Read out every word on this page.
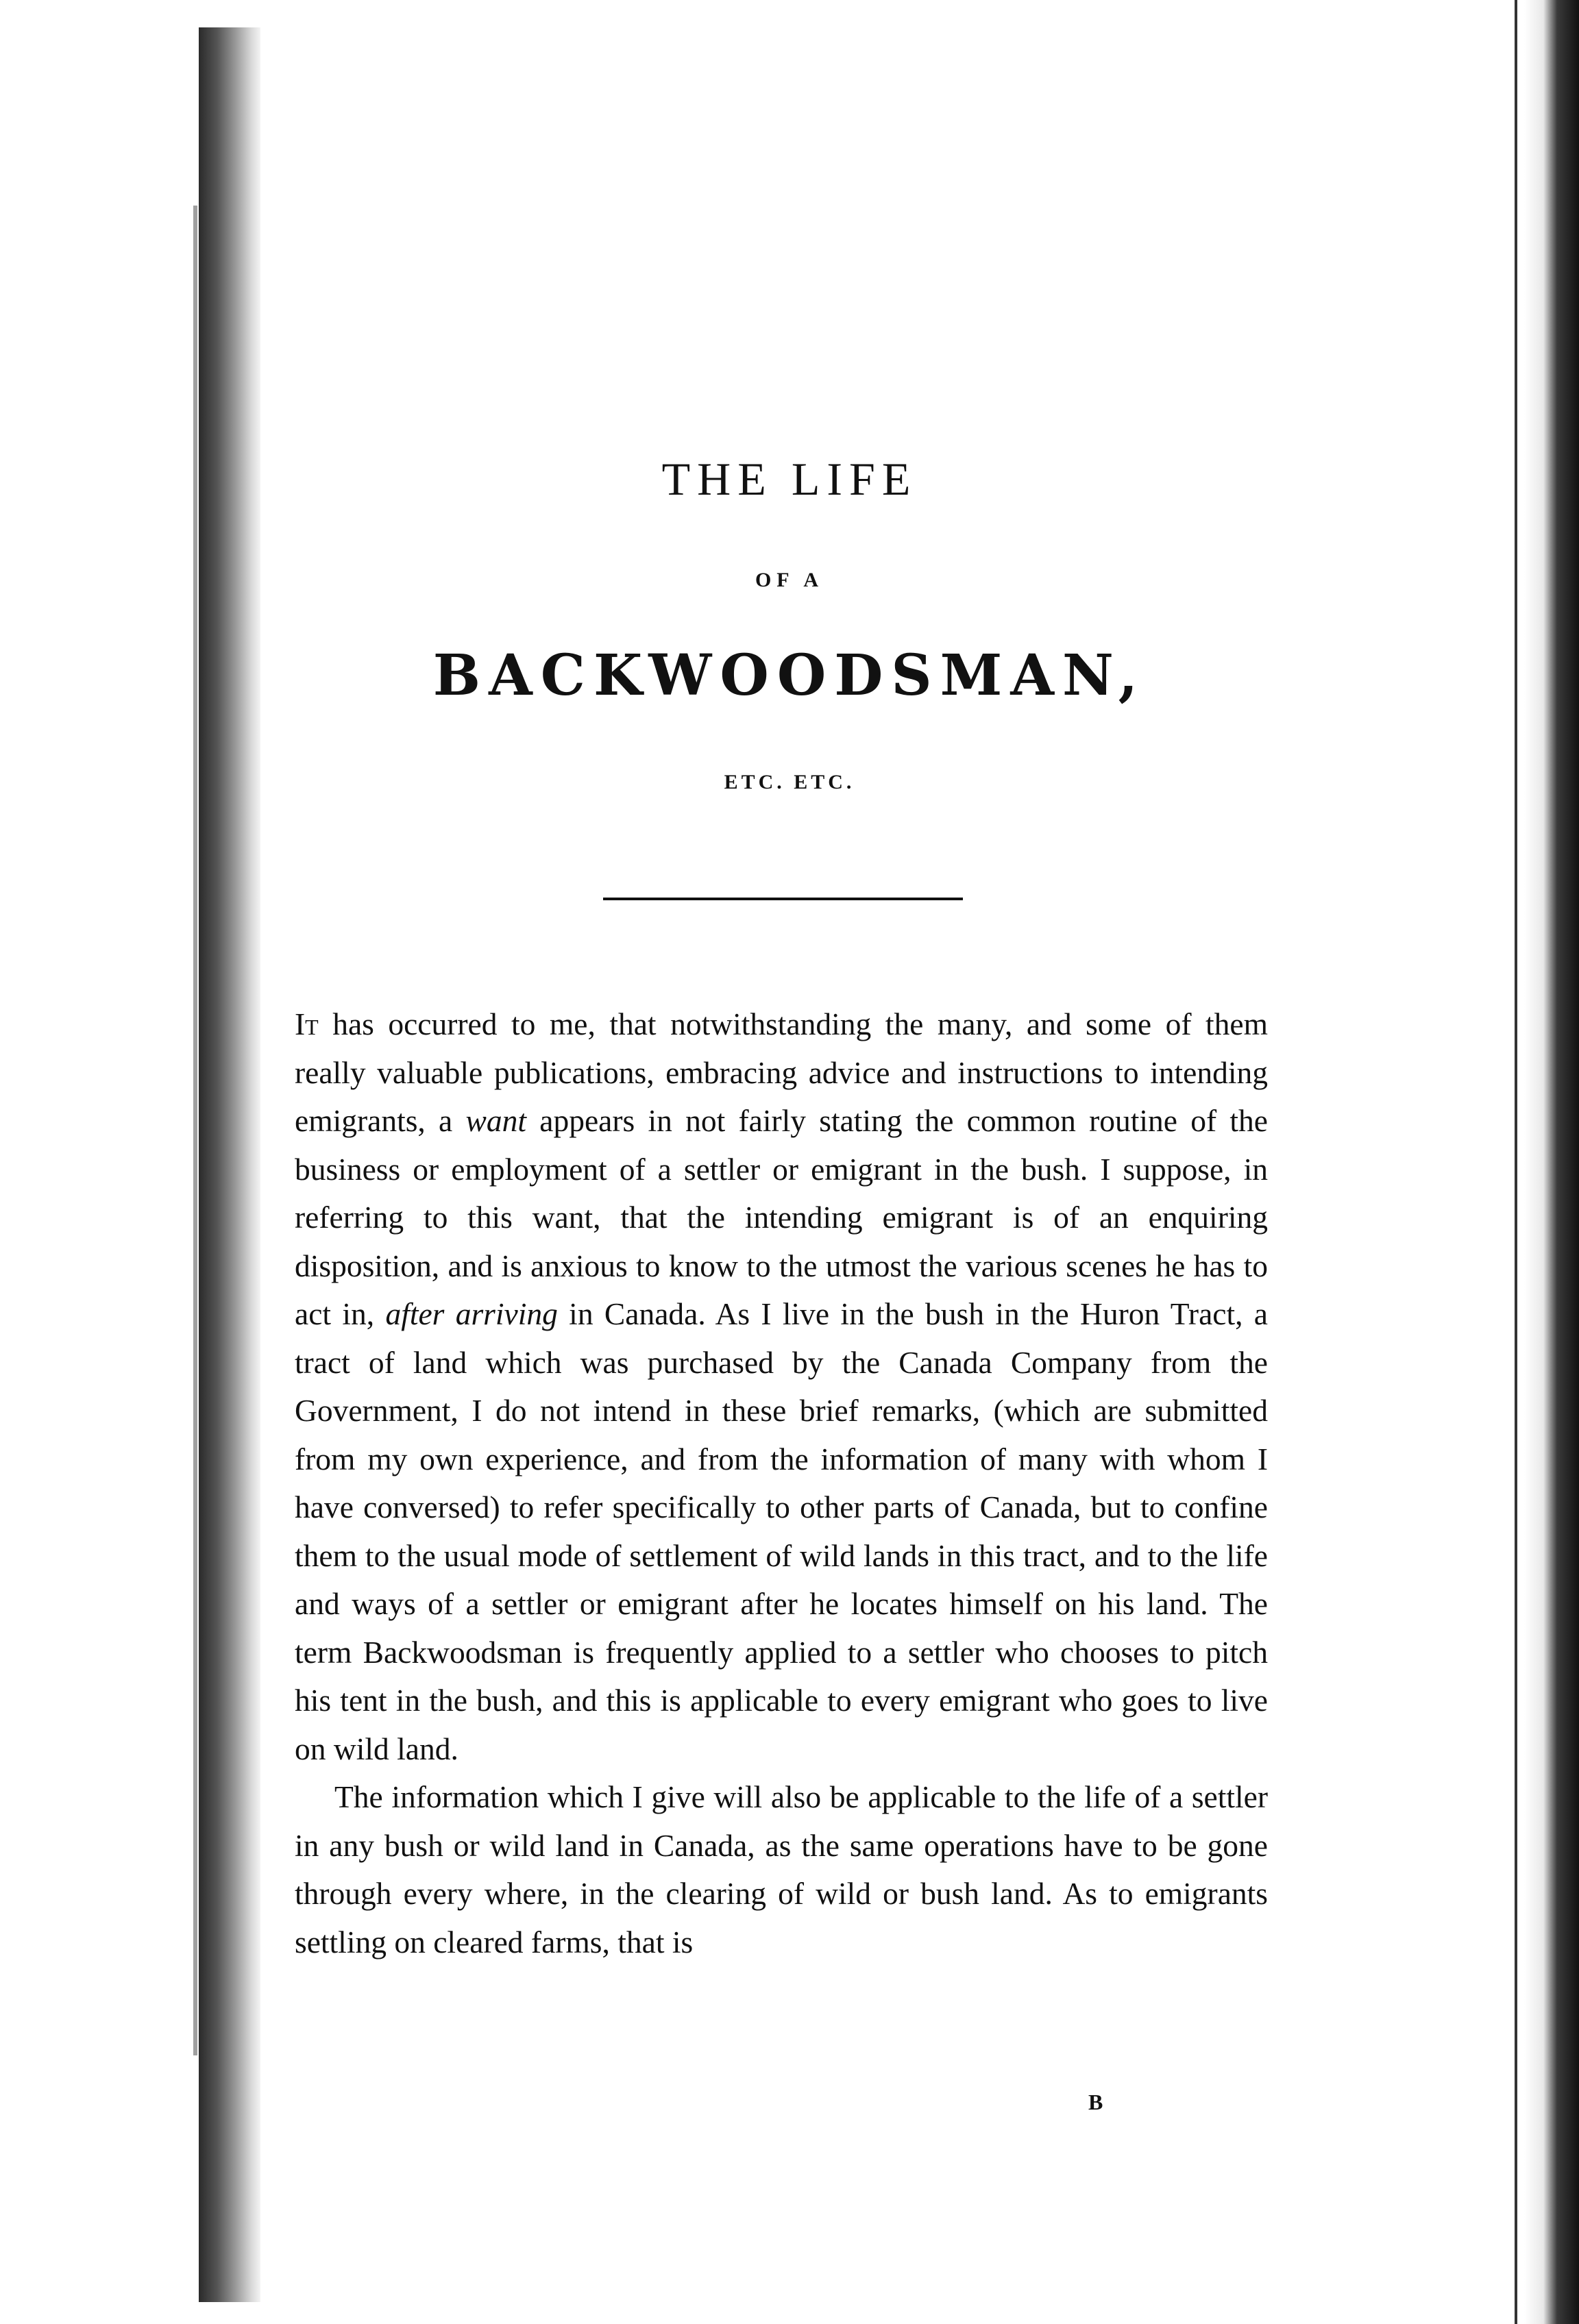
THE LIFE
OF A
BACKWOODSMAN,
ETC. ETC.

It has occurred to me, that notwithstanding the many, and some of them really valuable publications, embracing advice and instructions to intending emigrants, a want appears in not fairly stating the common routine of the business or employment of a settler or emigrant in the bush. I suppose, in referring to this want, that the intending emigrant is of an enquiring disposition, and is anxious to know to the utmost the various scenes he has to act in, after arriving in Canada. As I live in the bush in the Huron Tract, a tract of land which was purchased by the Canada Company from the Government, I do not intend in these brief remarks, (which are submitted from my own experience, and from the information of many with whom I have conversed) to refer specifically to other parts of Canada, but to confine them to the usual mode of settlement of wild lands in this tract, and to the life and ways of a settler or emigrant after he locates himself on his land. The term Backwoodsman is frequently applied to a settler who chooses to pitch his tent in the bush, and this is applicable to every emigrant who goes to live on wild land.

The information which I give will also be applicable to the life of a settler in any bush or wild land in Canada, as the same operations have to be gone through every where, in the clearing of wild or bush land. As to emigrants settling on cleared farms, that is

B
